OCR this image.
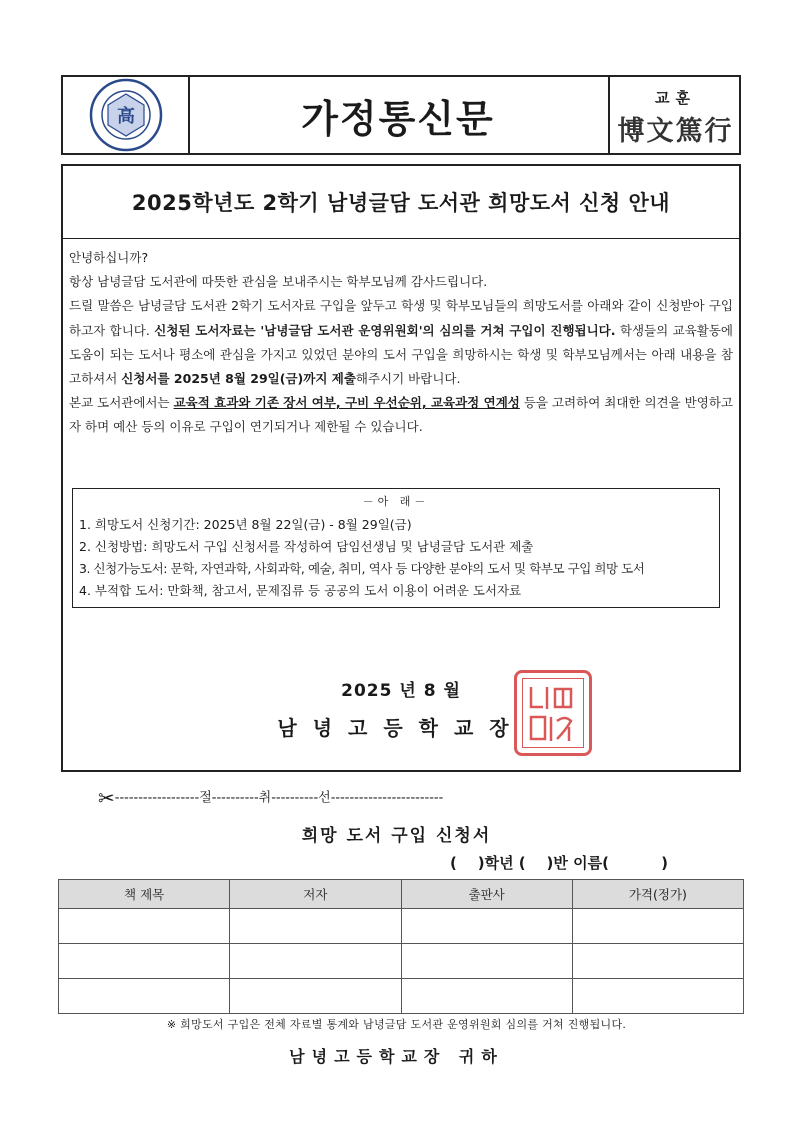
高	가정통신문	교훈
博文篤行
2025학년도 2학기 남녕글담 도서관 희망도서 신청 안내

안녕하십니까?

항상 남녕글담 도서관에 따뜻한 관심을 보내주시는 학부모님께 감사드립니다.

드릴 말씀은 남녕글담 도서관 2학기 도서자료 구입을 앞두고 학생 및 학부모님들의 희망도서를 아래와 같이 신청받아 구입하고자 합니다. 신청된 도서자료는 '남녕글담 도서관 운영위원회'의 심의를 거쳐 구입이 진행됩니다. 학생들의 교육활동에 도움이 되는 도서나 평소에 관심을 가지고 있었던 분야의 도서 구입을 희망하시는 학생 및 학부모님께서는 아래 내용을 참고하셔서 신청서를 2025년 8월 29일(금)까지 제출해주시기 바랍니다.

본교 도서관에서는 교육적 효과와 기존 장서 여부, 구비 우선순위, 교육과정 연계성 등을 고려하여 최대한 의견을 반영하고자 하며 예산 등의 이유로 구입이 연기되거나 제한될 수 있습니다.

－아 래－
1. 희망도서 신청기간: 2025년 8월 22일(금) - 8월 29일(금)
2. 신청방법: 희망도서 구입 신청서를 작성하여 담임선생님 및 남녕글담 도서관 제출
3. 신청가능도서: 문학, 자연과학, 사회과학, 예술, 취미, 역사 등 다양한 분야의 도서 및 학부모 구입 희망 도서
4. 부적합 도서: 만화책, 참고서, 문제집류 등 공공의 도서 이용이 어려운 도서자료
2025 년 8 월
남녕고등학교장
✂------------------절----------취----------선------------------------
희망 도서 구입 신청서
(    )학년 (    )반 이름(          )
책 제목	저자	출판사	가격(정가)

※ 희망도서 구입은 전체 자료별 통계와 남녕글담 도서관 운영위원회 심의를 거쳐 진행됩니다.
남녕고등학교장 귀하
